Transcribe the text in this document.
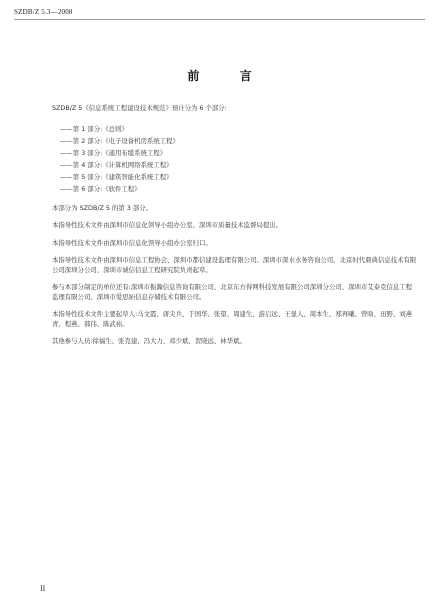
SZDB/Z 5.3—2008
前 言

SZDB/Z 5《信息系统工程建设技术规范》预计分为 6 个部分:

——第 1 部分:《总则》
——第 2 部分:《电子设备机房系统工程》
——第 3 部分:《通用布缆系统工程》
——第 4 部分:《计算机网络系统工程》
——第 5 部分:《建筑智能化系统工程》
——第 6 部分:《软件工程》

本部分为 SZDB/Z 5 的第 3 部分。

本指导性技术文件由深圳市信息化领导小组办公室、深圳市质量技术监督局提出。

本指导性技术文件由深圳市信息化领导小组办公室归口。

本指导性技术文件由深圳市信息工程协会、深圳市都信建设监理有限公司、深圳市深水水务咨询公司、北京时代鼎典信息技术有限公司深圳分公司、深圳市诚信信息工程研究院负责起草。

参与本部分制定的单位还有:深圳市振瀚信息咨询有限公司、北京东方得网科技发展有限公司深圳分公司、深圳市艾泰克信息工程监理有限公司、深圳市爱思拓信息存储技术有限公司。

本指导性技术文件主要起草人:马文霞、唐尖兵、于国华、张望、周建生、游启远、王显人、周本生、郑再曦、曾晗、田野、刘燕青、程燕、郝伟、陈武裕。

其他参与人员:徐福生、张克建、冯大力、邓少斌、贺晓远、林华斌。

II
